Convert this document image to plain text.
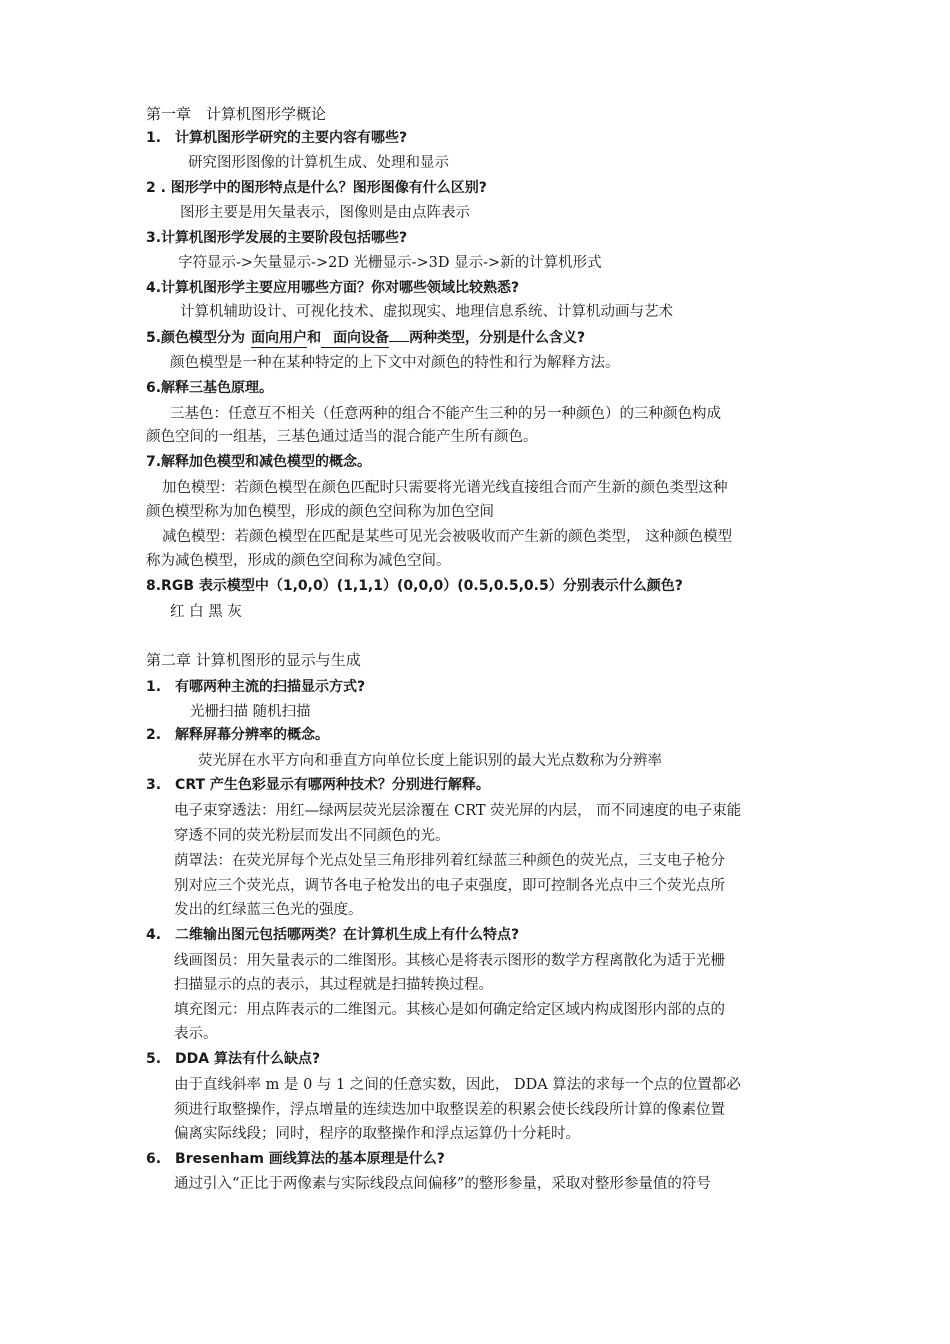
第一章　计算机图形学概论
1.　计算机图形学研究的主要内容有哪些?
研究图形图像的计算机生成、处理和显示
2 . 图形学中的图形特点是什么？图形图像有什么区别?
图形主要是用矢量表示，图像则是由点阵表示
3.计算机图形学发展的主要阶段包括哪些?
字符显示->矢量显示->2D 光栅显示->3D 显示->新的计算机形式
4.计算机图形学主要应用哪些方面？你对哪些领域比较熟悉?
计算机辅助设计、可视化技术、虚拟现实、地理信息系统、计算机动画与艺术
5.颜色模型分为 面向用户和 面向设备 两种类型，分别是什么含义?
颜色模型是一种在某种特定的上下文中对颜色的特性和行为解释方法。
6.解释三基色原理。
三基色：任意互不相关（任意两种的组合不能产生三种的另一种颜色）的三种颜色构成
颜色空间的一组基，三基色通过适当的混合能产生所有颜色。
7.解释加色模型和减色模型的概念。
加色模型：若颜色模型在颜色匹配时只需要将光谱光线直接组合而产生新的颜色类型这种
颜色模型称为加色模型，形成的颜色空间称为加色空间
减色模型：若颜色模型在匹配是某些可见光会被吸收而产生新的颜色类型， 这种颜色模型
称为减色模型，形成的颜色空间称为减色空间。
8.RGB 表示模型中（1,0,0）(1,1,1）(0,0,0）(0.5,0.5,0.5）分别表示什么颜色?
红 白 黑 灰
第二章 计算机图形的显示与生成
1.　有哪两种主流的扫描显示方式?
光栅扫描 随机扫描
2.　解释屏幕分辨率的概念。
荧光屏在水平方向和垂直方向单位长度上能识别的最大光点数称为分辨率
3.　CRT 产生色彩显示有哪两种技术？分别进行解释。
电子束穿透法：用红—绿两层荧光层涂覆在 CRT 荧光屏的内层， 而不同速度的电子束能
穿透不同的荧光粉层而发出不同颜色的光。
荫罩法：在荧光屏每个光点处呈三角形排列着红绿蓝三种颜色的荧光点，三支电子枪分
别对应三个荧光点，调节各电子枪发出的电子束强度，即可控制各光点中三个荧光点所
发出的红绿蓝三色光的强度。
4.　二维输出图元包括哪两类？在计算机生成上有什么特点?
线画图员：用矢量表示的二维图形。其核心是将表示图形的数学方程离散化为适于光栅
扫描显示的点的表示，其过程就是扫描转换过程。
填充图元：用点阵表示的二维图元。其核心是如何确定给定区域内构成图形内部的点的
表示。
5.　DDA 算法有什么缺点?
由于直线斜率 m 是 0 与 1 之间的任意实数，因此， DDA 算法的求每一个点的位置都必
须进行取整操作，浮点增量的连续迭加中取整误差的积累会使长线段所计算的像素位置
偏离实际线段；同时，程序的取整操作和浮点运算仍十分耗时。
6.　Bresenham 画线算法的基本原理是什么?
通过引入“正比于两像素与实际线段点间偏移”的整形参量，采取对整形参量值的符号
